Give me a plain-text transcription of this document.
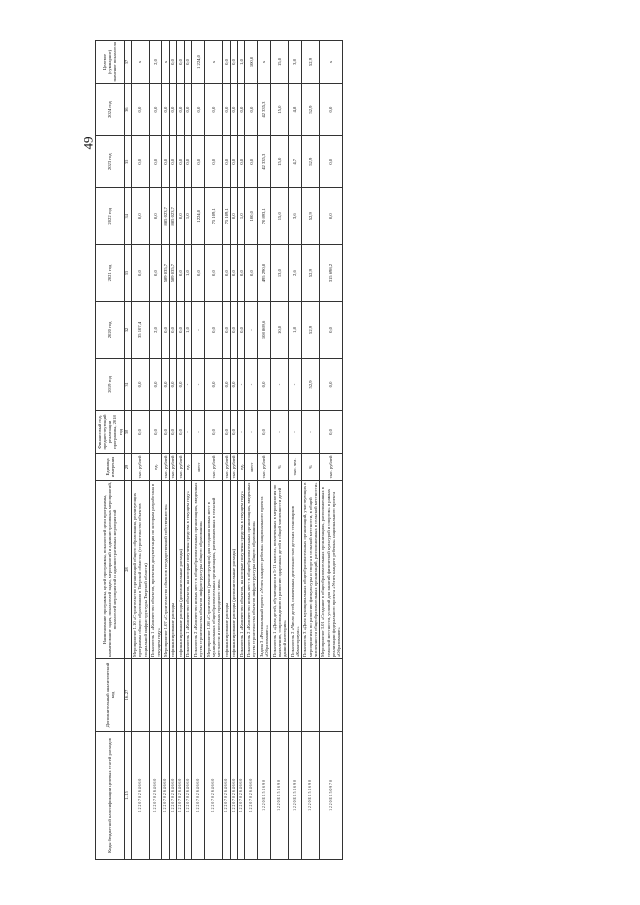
49
Коды бюджетной классификации целевых статей расходов	Дополнительный аналитический код	Наименование программы, целей программы, показателей цели программы, наименование задач, показателей задач, мероприятий и административных мероприятий, показателей мероприятий и административных мероприятий	Единица измерения	Финансовый год, предшествующий реализации программы, 2018 год	2019 год	2020 год	2021 год	2022 год	2023 год	2024 год	Целевое (суммарное) значение показателя
1–15	16–27	28	29	30	31	32	33	34	35	36	37
1 2 2 0 7 0 2 S 4 6 6 0		Мероприятие 1.10 «Строительство организаций общего образования, реализующих программы общего образования в Тверской области» (строительство объектов социальной инфраструктуры Тверской области)	тыс. рублей	0,0	0,0	35 107,4	0,0	0,0	0,0	0,0	х
1 2 2 0 7 0 2 S 4 6 6 0		Показатель 1 «Количество объектов, проектная документация по которым разработана в текущем году»	ед.	0,0	0,0	2,0	0,0	0,0	0,0	0,0	2,0
1 2 2 0 7 0 2 S 4 6 6 0		Мероприятие 1.07 «Строительство объектов государственной собственности»	тыс. рублей	0,0	0,0	0,0	589 035,7	885 023,7	0,0	0,0	х
1 2 2 0 7 0 2 S 4 6 6 0		софинансирование расходы	тыс. рублей	0,0	0,0	0,0	589 035,7	885 023,7	0,0	0,0	0,0
1 2 2 0 7 0 2 S 4 6 6 0		софинансирование расходы (дополнительные расходы)	тыс. рублей	0,0	0,0	0,0	0,0	0,0	0,0	0,0	0,0
1 2 2 0 7 0 2 S 4 6 6 0		Показатель 1 «Количество объектов, на которые получены средства в текущем году»	ед.	-	-	1,0	1,0	1,0	0,0	0,0	0,0
1 2 2 0 7 0 2 S 4 6 6 0		Показатель 2 «Количество новых мест в общеобразовательных организациях, введенных путем строительства объектов инфраструктуры общего образования»	мест	-	-	-	0,0	1224,0	0,0	0,0	1 224,0
1 2 2 0 7 0 2 S 4 6 6 0		Мероприятие 1.08 «Строительство (реконструкция) для создания новых мест в муниципальных общеобразовательных организациях, расположенных в сельской местности и поселках городского типа»	тыс. рублей	0,0	0,0	0,0	0,0	75 109,1	0,0	0,0	х
1 2 2 0 7 0 2 S 4 6 6 0		софинансирование расходы	тыс. рублей	0,0	0,0	0,0	0,0	75 109,1	0,0	0,0	0,0
1 2 2 0 7 0 2 S 4 6 6 0		софинансирование расходы (дополнительные расходы)	тыс. рублей	0,0	0,0	0,0	0,0	0,0	0,0	0,0	0,0
1 2 2 0 7 0 2 S 4 6 6 0		Показатель 1 «Количество объектов, на которые получены средства в текущем году»	ед.	-	-	0,0	0,0	1,0	0,0	0,0	1,0
1 2 2 0 7 0 2 S 4 6 6 0		Показатель 2 «Количество новых мест в общеобразовательных организациях, введенных путем строительства объектов инфраструктуры общего образования»	мест	-	-	-	0,0	100,0	0,0	0,0	100,0
1 2 2 0 Е 1 5 1 6 9 0		Задача 3 «Региональный проект «Успех каждого ребенка» национального проекта «Образование»»	тыс. рублей	0,0	0,0	108 869,6	495 290,8	70 893,1	42 335,3	42 335,3	х
1 2 2 0 Е 1 5 1 6 9 0		Показатель 1 «Доля детей, обучающихся в 5-11 классах, вовлеченных в мероприятия по выявлению, сопровождению и развитию одаренных детей в общей численности детей данной категории»	%	-	-	10,0	13,0	15,0	15,0	15,0	15,0
1 2 2 0 Е 1 5 1 6 9 0		Показатель 2 «Число детей, охваченных деятельностью детских технопарков «Кванториум»»	тыс. чел.	-	-	1,8	2,6	3,6	4,7	4,8	3,8
1 2 2 0 Е 1 5 1 6 9 0		Показатель 3 «Доля муниципальных общеобразовательных организаций, участвующих в мероприятиях по развитию физкультуры и спорта в сельской местности, в общей численности общеобразовательных организаций, расположенных в сельской местности»	%	-	52,9	52,9	52,9	52,9	52,9	52,9	52,9
1 2 2 0 Е 1 5 0 9 7 0		Мероприятие 3.01 «Создание в общеобразовательных организациях, расположенных в сельской местности, условий для занятий физической культурой и спортом» в рамках реализации федерального проекта «Успех каждого ребенка» национального проекта «Образование»	тыс. рублей	0,0	0,0	0,0	315 698,2	0,0	0,0	0,0	х
